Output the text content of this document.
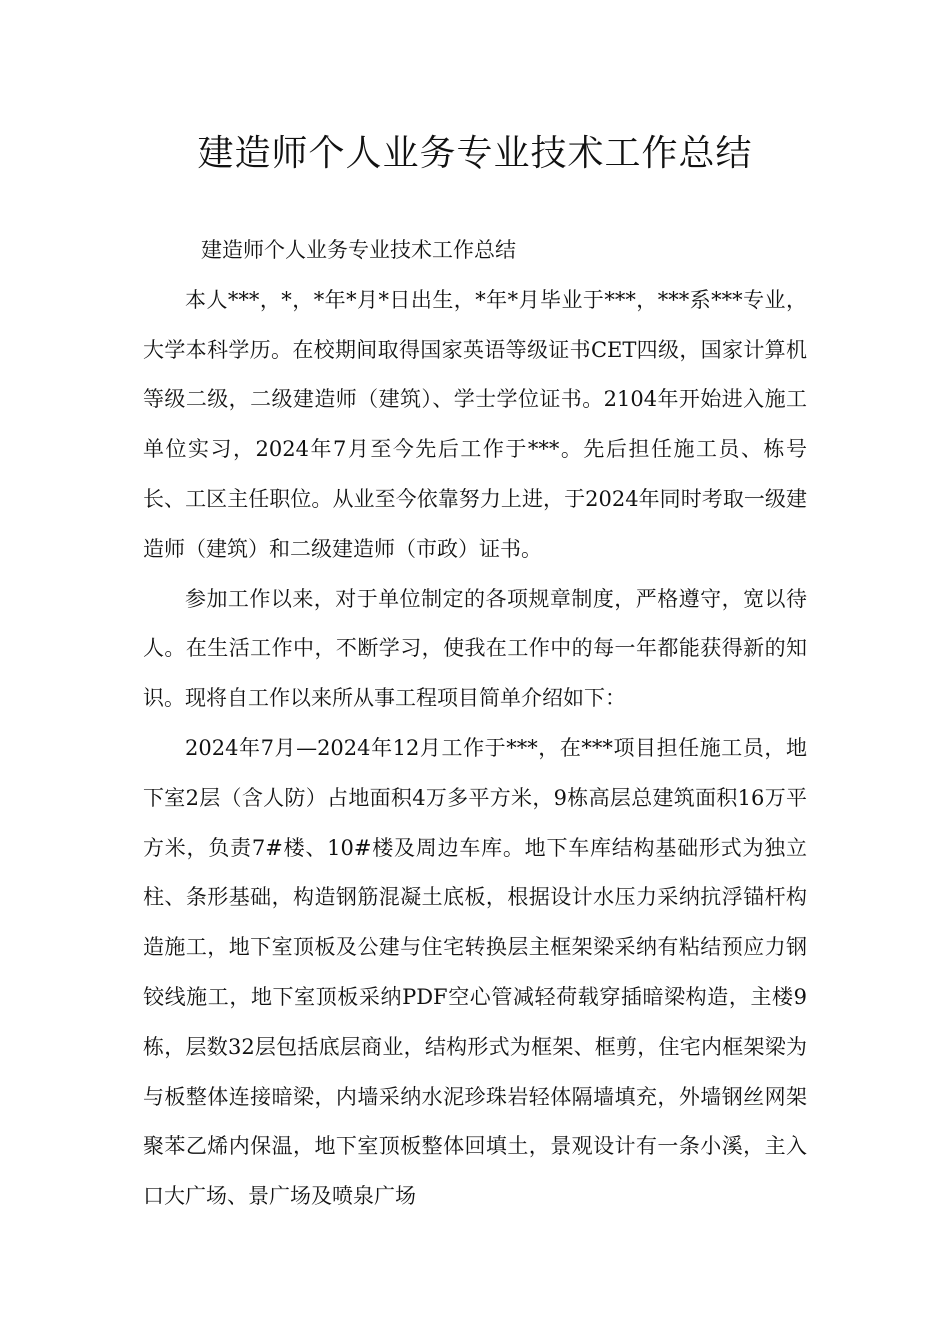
建造师个人业务专业技术工作总结

建造师个人业务专业技术工作总结

本人***，*，*年*月*日出生，*年*月毕业于***，***系***专业，大学本科学历。在校期间取得国家英语等级证书CET四级，国家计算机等级二级，二级建造师（建筑）、学士学位证书。2104年开始进入施工单位实习，2024年7月至今先后工作于***。先后担任施工员、栋号长、工区主任职位。从业至今依靠努力上进，于2024年同时考取一级建造师（建筑）和二级建造师（市政）证书。

参加工作以来，对于单位制定的各项规章制度，严格遵守，宽以待人。在生活工作中，不断学习，使我在工作中的每一年都能获得新的知识。现将自工作以来所从事工程项目简单介绍如下：

2024年7月—2024年12月工作于***，在***项目担任施工员，地下室2层（含人防）占地面积4万多平方米，9栋高层总建筑面积16万平方米，负责7#楼、10#楼及周边车库。地下车库结构基础形式为独立柱、条形基础，构造钢筋混凝土底板，根据设计水压力采纳抗浮锚杆构造施工，地下室顶板及公建与住宅转换层主框架梁采纳有粘结预应力钢铰线施工，地下室顶板采纳PDF空心管减轻荷载穿插暗梁构造，主楼9栋，层数32层包括底层商业，结构形式为框架、框剪，住宅内框架梁为与板整体连接暗梁，内墙采纳水泥珍珠岩轻体隔墙填充，外墙钢丝网架聚苯乙烯内保温，地下室顶板整体回填土，景观设计有一条小溪，主入口大广场、景广场及喷泉广场
